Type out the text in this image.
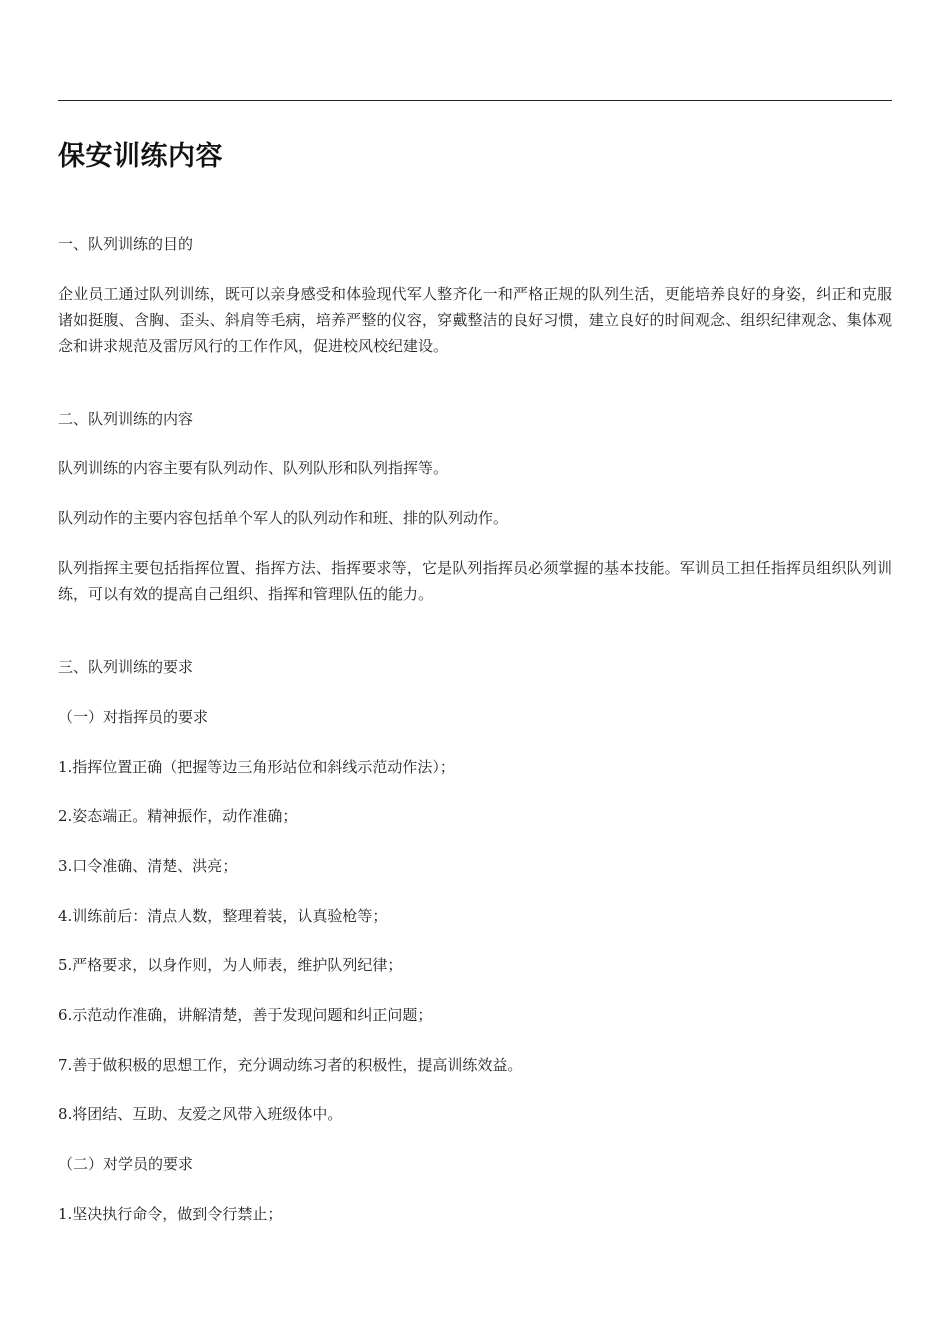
保安训练内容

一、队列训练的目的

企业员工通过队列训练，既可以亲身感受和体验现代军人整齐化一和严格正规的队列生活，更能培养良好的身姿，纠正和克服诸如挺腹、含胸、歪头、斜肩等毛病，培养严整的仪容，穿戴整洁的良好习惯，建立良好的时间观念、组织纪律观念、集体观念和讲求规范及雷厉风行的工作作风，促进校风校纪建设。

二、队列训练的内容

队列训练的内容主要有队列动作、队列队形和队列指挥等。

队列动作的主要内容包括单个军人的队列动作和班、排的队列动作。

队列指挥主要包括指挥位置、指挥方法、指挥要求等，它是队列指挥员必须掌握的基本技能。军训员工担任指挥员组织队列训练，可以有效的提高自己组织、指挥和管理队伍的能力。

三、队列训练的要求

（一）对指挥员的要求

1.指挥位置正确（把握等边三角形站位和斜线示范动作法）；

2.姿态端正。精神振作，动作准确；

3.口令准确、清楚、洪亮；

4.训练前后：清点人数，整理着装，认真验枪等；

5.严格要求，以身作则，为人师表，维护队列纪律；

6.示范动作准确，讲解清楚，善于发现问题和纠正问题；

7.善于做积极的思想工作，充分调动练习者的积极性，提高训练效益。

8.将团结、互助、友爱之风带入班级体中。

（二）对学员的要求

1.坚决执行命令，做到令行禁止；
